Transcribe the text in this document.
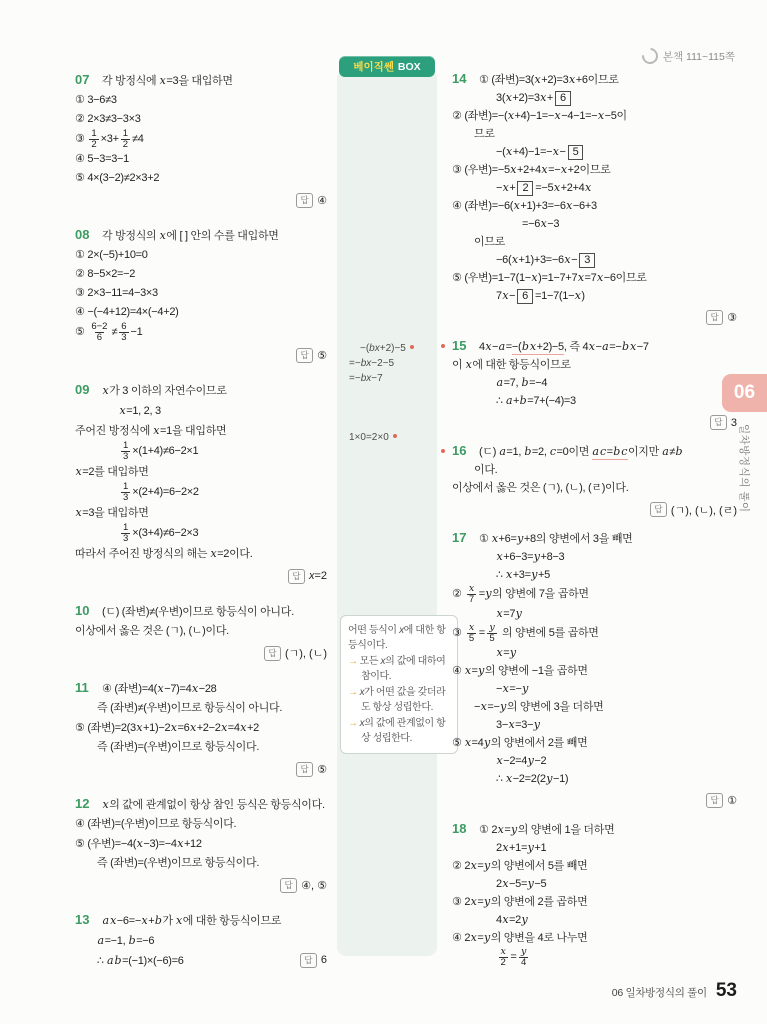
본책 111~115쪽
베이직쎈 BOX
−(bx+2)−5
=−bx−2−5
=−bx−7
1×0=2×0
어떤 등식이 x에 대한 항등식이다.
→ 모든 x의 값에 대하여 참이다.
→ x가 어떤 값을 갖더라도 항상 성립한다.
→ x의 값에 관계없이 항상 성립한다.
06
일차방정식의 풀이
07 각 방정식에 x=3을 대입하면
① 3−6≠3
② 2×3≠3−3×3
③ $\frac{1}{2} \times 3+ \frac{1}{2} \ne 4$
④ 5−3=3−1
⑤ 4×(3−2)≠2×3+2
답 ④
08 각 방정식의 x에 [ ] 안의 수를 대입하면
① 2×(−5)+10=0
② 8−5×2=−2
③ 2×3−11=4−3×3
④ −(−4+12)=4×(−4+2)
⑤ $\frac{6-2}{6} \ne \frac{6}{3} -1$
답 ⑤
09 x가 3 이하의 자연수이므로
x=1, 2, 3
주어진 방정식에 x=1을 대입하면
$\frac{1}{3} \times(1+4)\ne 6-2\times 1$
x=2를 대입하면
$\frac{1}{3} \times(2+4)=6-2\times 2$
x=3을 대입하면
$\frac{1}{3} \times(3+4)\ne 6-2\times 3$
따라서 주어진 방정식의 해는 x=2이다.
답 x=2
10 (ㄷ) (좌변)≠(우변)이므로 항등식이 아니다.
이상에서 옳은 것은 (ㄱ), (ㄴ)이다.
답 (ㄱ), (ㄴ)
11 ④ (좌변)=4(x−7)=4x−28
즉 (좌변)≠(우변)이므로 항등식이 아니다.
⑤ (좌변)=2(3x+1)−2x=6x+2−2x=4x+2
즉 (좌변)=(우변)이므로 항등식이다.
답 ⑤
12 x의 값에 관계없이 항상 참인 등식은 항등식이다.
④ (좌변)=(우변)이므로 항등식이다.
⑤ (우변)=−4(x−3)=−4x+12
즉 (좌변)=(우변)이므로 항등식이다.
답 ④, ⑤
13 ax−6=−x+b가 x에 대한 항등식이므로
a=−1, b=−6
∴ ab=(−1)×(−6)=6	답 6
14 ① (좌변)=3(x+2)=3x+6이므로
3(x+2)=3x+ 6
② (좌변)=−(x+4)−1=−x−4−1=−x−5이
므로
−(x+4)−1=−x− 5
③ (우변)=−5x+2+4x=−x+2이므로
−x+ 2 =−5x+2+4x
④ (좌변)=−6(x+1)+3=−6x−6+3
=−6x−3
이므로
−6(x+1)+3=−6x− 3
⑤ (우변)=1−7(1−x)=1−7+7x=7x−6이므로
7x− 6 =1−7(1−x)
답 ③
15 4x−a=−(bx+2)−5, 즉 4x−a=−bx−7
이 x에 대한 항등식이므로
a=7, b=−4
∴ a+b=7+(−4)=3
답 3
16 (ㄷ) a=1, b=2, c=0이면 ac=bc이지만 a≠b
이다.
이상에서 옳은 것은 (ㄱ), (ㄴ), (ㄹ)이다.
답 (ㄱ), (ㄴ), (ㄹ)
17 ① x+6=y+8의 양변에서 3을 빼면
x+6−3=y+8−3
∴ x+3=y+5
② $\frac{x}{7} =y$의 양변에 7을 곱하면
x=7y
③ $\frac{x}{5} = \frac{y}{5}$ 의 양변에 5를 곱하면
x=y
④ x=y의 양변에 −1을 곱하면
−x=−y
−x=−y의 양변에 3을 더하면
3−x=3−y
⑤ x=4y의 양변에서 2를 빼면
x−2=4y−2
∴ x−2=2(2y−1)
답 ①
18 ① 2x=y의 양변에 1을 더하면
2x+1=y+1
② 2x=y의 양변에서 5를 빼면
2x−5=y−5
③ 2x=y의 양변에 2를 곱하면
4x=2y
④ 2x=y의 양변을 4로 나누면
$\frac{x}{2} = \frac{y}{4}$
06 일차방정식의 풀이 53
